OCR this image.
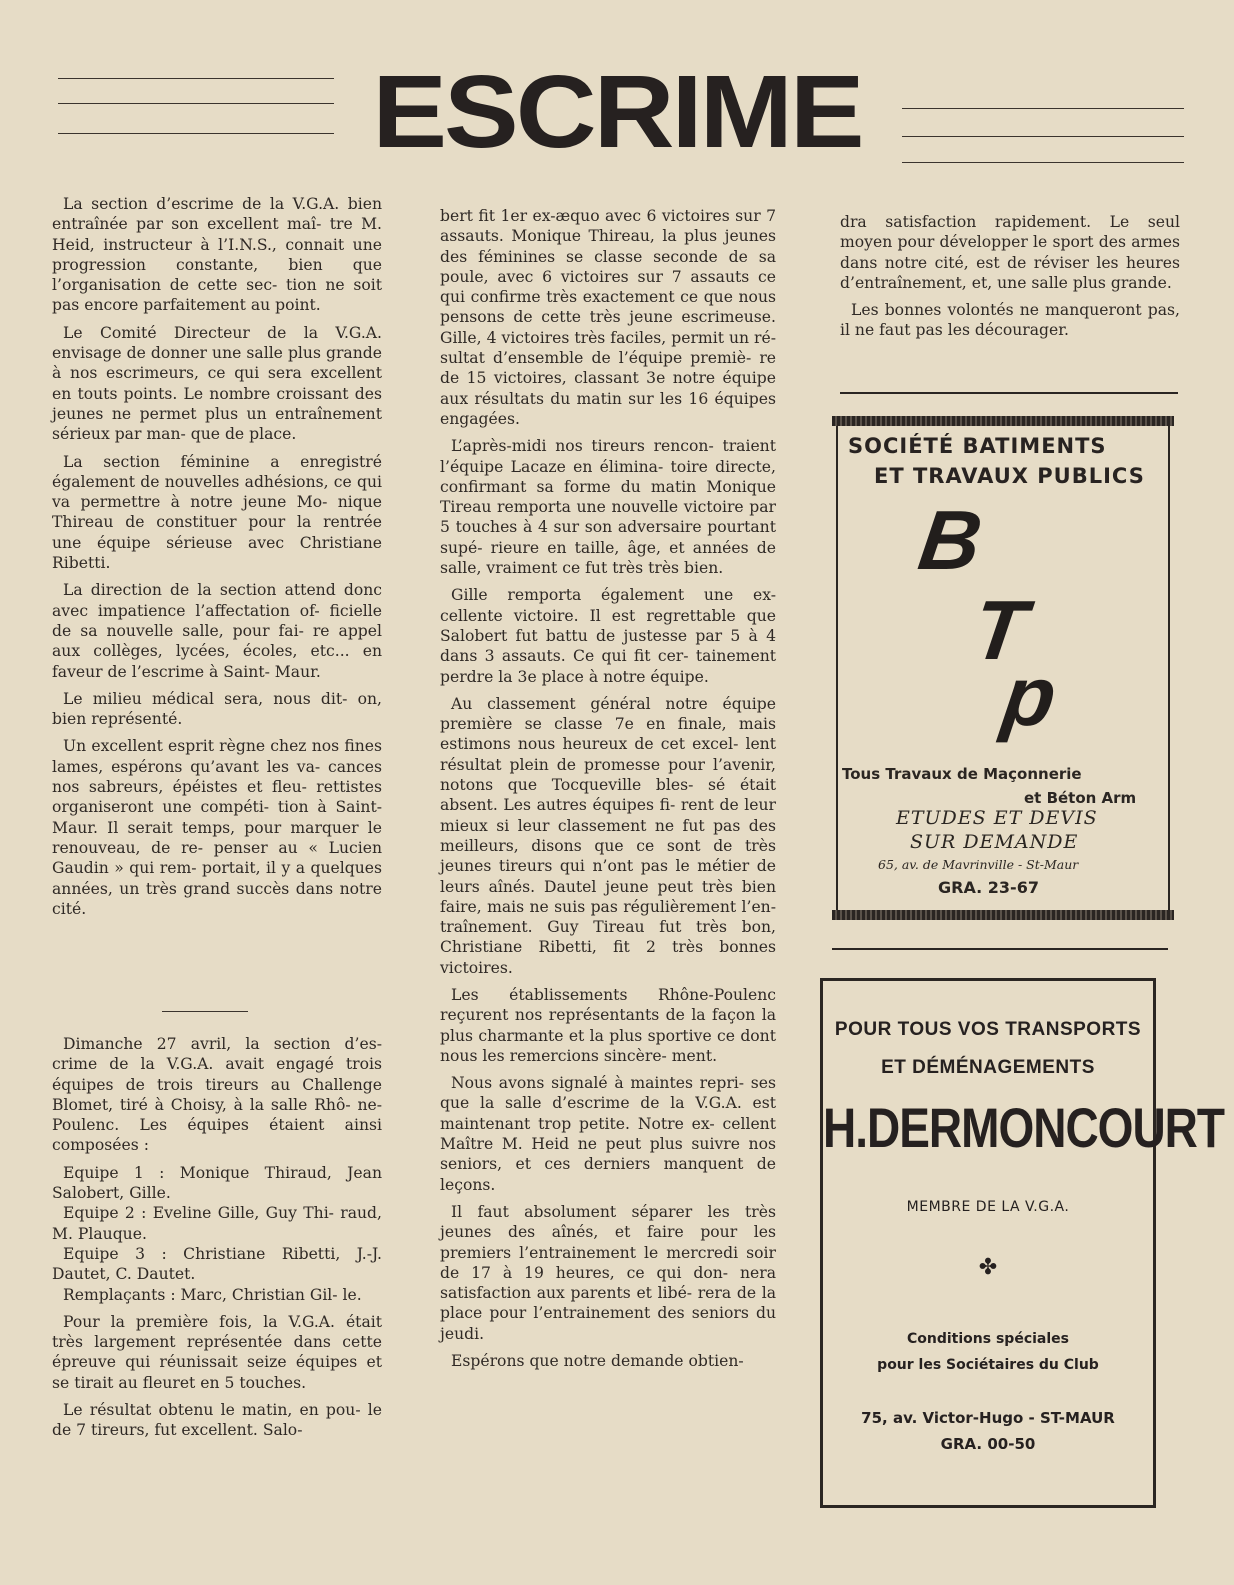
ESCRIME

La section d’escrime de la V.G.A. bien entraînée par son excellent maî- tre M. Heid, instructeur à l’I.N.S., connait une progression constante, bien que l’organisation de cette sec- tion ne soit pas encore parfaitement au point.

Le Comité Directeur de la V.G.A. envisage de donner une salle plus grande à nos escrimeurs, ce qui sera excellent en touts points. Le nombre croissant des jeunes ne permet plus un entraînement sérieux par man- que de place.

La section féminine a enregistré également de nouvelles adhésions, ce qui va permettre à notre jeune Mo- nique Thireau de constituer pour la rentrée une équipe sérieuse avec Christiane Ribetti.

La direction de la section attend donc avec impatience l’affectation of- ficielle de sa nouvelle salle, pour fai- re appel aux collèges, lycées, écoles, etc... en faveur de l’escrime à Saint- Maur.

Le milieu médical sera, nous dit- on, bien représenté.

Un excellent esprit règne chez nos fines lames, espérons qu’avant les va- cances nos sabreurs, épéistes et fleu- rettistes organiseront une compéti- tion à Saint-Maur. Il serait temps, pour marquer le renouveau, de re- penser au « Lucien Gaudin » qui rem- portait, il y a quelques années, un très grand succès dans notre cité.

Dimanche 27 avril, la section d’es- crime de la V.G.A. avait engagé trois équipes de trois tireurs au Challenge Blomet, tiré à Choisy, à la salle Rhô- ne-Poulenc. Les équipes étaient ainsi composées :

Equipe 1 : Monique Thiraud, Jean Salobert, Gille.

Equipe 2 : Eveline Gille, Guy Thi- raud, M. Plauque.

Equipe 3 : Christiane Ribetti, J.-J. Dautet, C. Dautet.

Remplaçants : Marc, Christian Gil- le.

Pour la première fois, la V.G.A. était très largement représentée dans cette épreuve qui réunissait seize équipes et se tirait au fleuret en 5 touches.

Le résultat obtenu le matin, en pou- le de 7 tireurs, fut excellent. Salo-

bert fit 1er ex-æquo avec 6 victoires sur 7 assauts. Monique Thireau, la plus jeunes des féminines se classe seconde de sa poule, avec 6 victoires sur 7 assauts ce qui confirme très exactement ce que nous pensons de cette très jeune escrimeuse. Gille, 4 victoires très faciles, permit un ré- sultat d’ensemble de l’équipe premiè- re de 15 victoires, classant 3e notre équipe aux résultats du matin sur les 16 équipes engagées.

L’après-midi nos tireurs rencon- traient l’équipe Lacaze en élimina- toire directe, confirmant sa forme du matin Monique Tireau remporta une nouvelle victoire par 5 touches à 4 sur son adversaire pourtant supé- rieure en taille, âge, et années de salle, vraiment ce fut très très bien.

Gille remporta également une ex- cellente victoire. Il est regrettable que Salobert fut battu de justesse par 5 à 4 dans 3 assauts. Ce qui fit cer- tainement perdre la 3e place à notre équipe.

Au classement général notre équipe première se classe 7e en finale, mais estimons nous heureux de cet excel- lent résultat plein de promesse pour l’avenir, notons que Tocqueville bles- sé était absent. Les autres équipes fi- rent de leur mieux si leur classement ne fut pas des meilleurs, disons que ce sont de très jeunes tireurs qui n’ont pas le métier de leurs aînés. Dautel jeune peut très bien faire, mais ne suis pas régulièrement l’en- traînement. Guy Tireau fut très bon, Christiane Ribetti, fit 2 très bonnes victoires.

Les établissements Rhône-Poulenc reçurent nos représentants de la façon la plus charmante et la plus sportive ce dont nous les remercions sincère- ment.

Nous avons signalé à maintes repri- ses que la salle d’escrime de la V.G.A. est maintenant trop petite. Notre ex- cellent Maître M. Heid ne peut plus suivre nos seniors, et ces derniers manquent de leçons.

Il faut absolument séparer les très jeunes des aînés, et faire pour les premiers l’entrainement le mercredi soir de 17 à 19 heures, ce qui don- nera satisfaction aux parents et libé- rera de la place pour l’entrainement des seniors du jeudi.

Espérons que notre demande obtien-

dra satisfaction rapidement. Le seul moyen pour développer le sport des armes dans notre cité, est de réviser les heures d’entraînement, et, une salle plus grande.

Les bonnes volontés ne manqueront pas, il ne faut pas les décourager.

SOCIÉTÉ BATIMENTS
ET TRAVAUX PUBLICS
B
T
p
Tous Travaux de Maçonnerie
et Béton Arm
ETUDES ET DEVIS
SUR DEMANDE
65, av. de Mavrinville - St-Maur
GRA. 23-67
POUR TOUS VOS TRANSPORTS
ET DÉMÉNAGEMENTS
H.DERMONCOURT
MEMBRE DE LA V.G.A.
✤
Conditions spéciales
pour les Sociétaires du Club
75, av. Victor-Hugo - ST-MAUR
GRA. 00-50
